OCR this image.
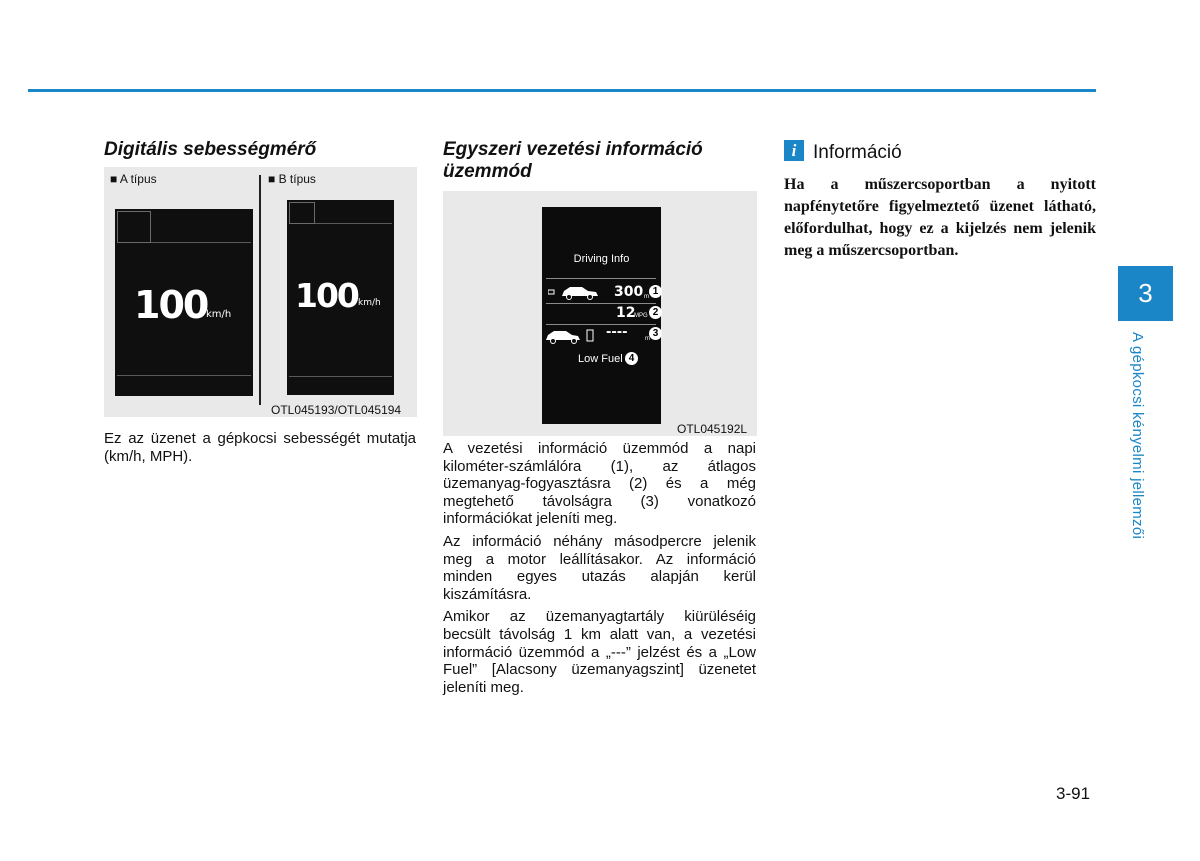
Digitális sebességmérő
■ A típus	■ B típus
100
km/h 100 km/h
OTL045193/OTL045194

Ez az üzenet a gépkocsi sebességét mutatja (km/h, MPH).

Egyszeri vezetési információ
üzemmód
Driving Info
300 m 1
12
MPG 2
----	m 3
Low Fuel 4
OTL045192L

A vezetési információ üzemmód a napi kilométer-számlálóra (1), az átlagos üzemanyag-fogyasztásra (2) és a még megtehető távolságra (3) vonatkozó információkat jeleníti meg.

Az információ néhány másodpercre jelenik meg a motor leállításakor. Az információ minden egyes utazás alapján kerül kiszámításra.

Amikor az üzemanyagtartály kiürüléséig becsült távolság 1 km alatt van, a vezetési információ üzemmód a „---” jelzést és a „Low Fuel” [Alacsony üzemanyagszint] üzenetet jeleníti meg.

i Információ
Ha a műszercsoportban a nyitott napfénytetőre figyelmeztető üzenet látható, előfordulhat, hogy ez a kijelzés nem jelenik meg a műszercsoportban.
3
A gépkocsi kényelmi jellemzői
3-91
